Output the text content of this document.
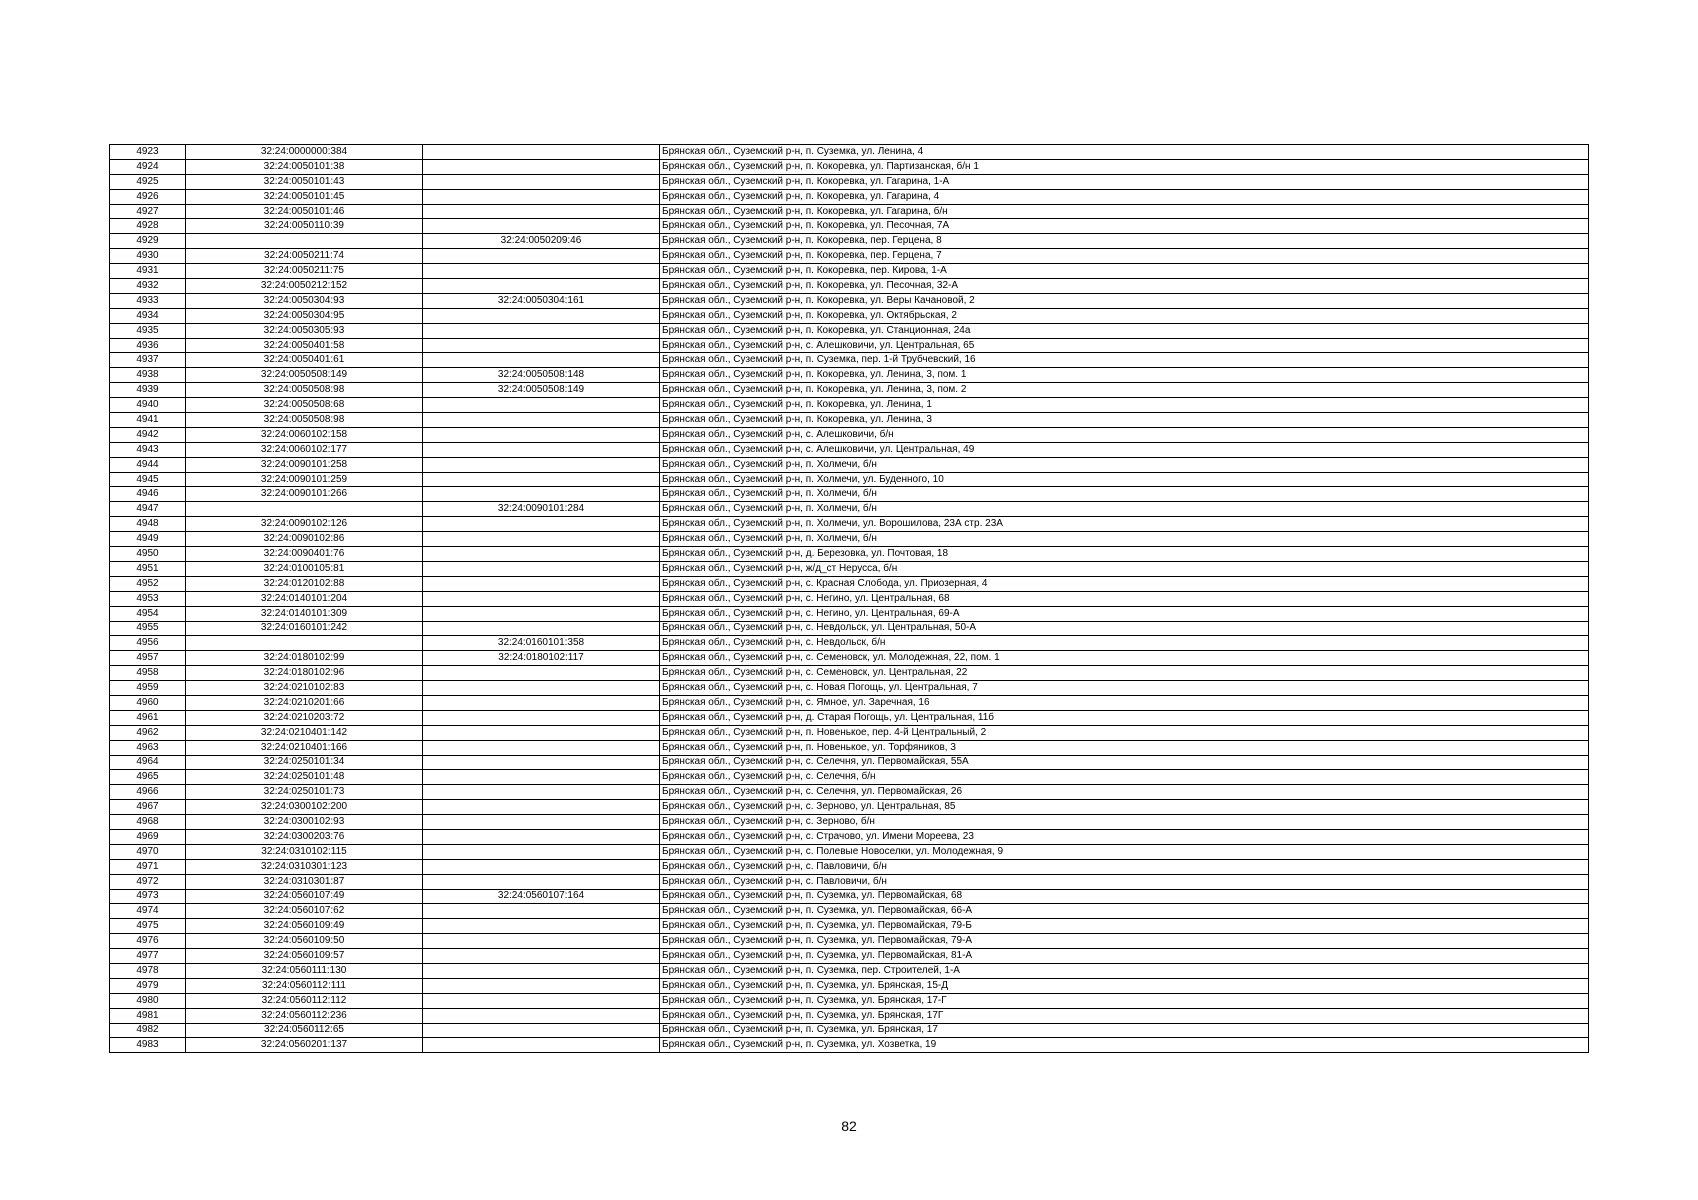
4923	32:24:0000000:384		Брянская обл., Суземский р-н, п. Суземка, ул. Ленина, 4
4924	32:24:0050101:38		Брянская обл., Суземский р-н, п. Кокоревка, ул. Партизанская, б/н 1
4925	32:24:0050101:43		Брянская обл., Суземский р-н, п. Кокоревка, ул. Гагарина, 1-А
4926	32:24:0050101:45		Брянская обл., Суземский р-н, п. Кокоревка, ул. Гагарина, 4
4927	32:24:0050101:46		Брянская обл., Суземский р-н, п. Кокоревка, ул. Гагарина, б/н
4928	32:24:0050110:39		Брянская обл., Суземский р-н, п. Кокоревка, ул. Песочная, 7А
4929		32:24:0050209:46	Брянская обл., Суземский р-н, п. Кокоревка, пер. Герцена, 8
4930	32:24:0050211:74		Брянская обл., Суземский р-н, п. Кокоревка, пер. Герцена, 7
4931	32:24:0050211:75		Брянская обл., Суземский р-н, п. Кокоревка, пер. Кирова, 1-А
4932	32:24:0050212:152		Брянская обл., Суземский р-н, п. Кокоревка, ул. Песочная, 32-А
4933	32:24:0050304:93	32:24:0050304:161	Брянская обл., Суземский р-н, п. Кокоревка, ул. Веры Качановой, 2
4934	32:24:0050304:95		Брянская обл., Суземский р-н, п. Кокоревка, ул. Октябрьская, 2
4935	32:24:0050305:93		Брянская обл., Суземский р-н, п. Кокоревка, ул. Станционная, 24а
4936	32:24:0050401:58		Брянская обл., Суземский р-н, с. Алешковичи, ул. Центральная, 65
4937	32:24:0050401:61		Брянская обл., Суземский р-н, п. Суземка, пер. 1-й Трубчевский, 16
4938	32:24:0050508:149	32:24:0050508:148	Брянская обл., Суземский р-н, п. Кокоревка, ул. Ленина, 3, пом. 1
4939	32:24:0050508:98	32:24:0050508:149	Брянская обл., Суземский р-н, п. Кокоревка, ул. Ленина, 3, пом. 2
4940	32:24:0050508:68		Брянская обл., Суземский р-н, п. Кокоревка, ул. Ленина, 1
4941	32:24:0050508:98		Брянская обл., Суземский р-н, п. Кокоревка, ул. Ленина, 3
4942	32:24:0060102:158		Брянская обл., Суземский р-н, с. Алешковичи, б/н
4943	32:24:0060102:177		Брянская обл., Суземский р-н, с. Алешковичи, ул. Центральная, 49
4944	32:24:0090101:258		Брянская обл., Суземский р-н, п. Холмечи, б/н
4945	32:24:0090101:259		Брянская обл., Суземский р-н, п. Холмечи, ул. Буденного, 10
4946	32:24:0090101:266		Брянская обл., Суземский р-н, п. Холмечи, б/н
4947		32:24:0090101:284	Брянская обл., Суземский р-н, п. Холмечи, б/н
4948	32:24:0090102:126		Брянская обл., Суземский р-н, п. Холмечи, ул. Ворошилова, 23А стр. 23А
4949	32:24:0090102:86		Брянская обл., Суземский р-н, п. Холмечи, б/н
4950	32:24:0090401:76		Брянская обл., Суземский р-н, д. Березовка, ул. Почтовая, 18
4951	32:24:0100105:81		Брянская обл., Суземский р-н, ж/д_ст Нерусса, б/н
4952	32:24:0120102:88		Брянская обл., Суземский р-н, с. Красная Слобода, ул. Приозерная, 4
4953	32:24:0140101:204		Брянская обл., Суземский р-н, с. Негино, ул. Центральная, 68
4954	32:24:0140101:309		Брянская обл., Суземский р-н, с. Негино, ул. Центральная, 69-А
4955	32:24:0160101:242		Брянская обл., Суземский р-н, с. Невдольск, ул. Центральная, 50-А
4956		32:24:0160101:358	Брянская обл., Суземский р-н, с. Невдольск, б/н
4957	32:24:0180102:99	32:24:0180102:117	Брянская обл., Суземский р-н, с. Семеновск, ул. Молодежная, 22, пом. 1
4958	32:24:0180102:96		Брянская обл., Суземский р-н, с. Семеновск, ул. Центральная, 22
4959	32:24:0210102:83		Брянская обл., Суземский р-н, с. Новая Погощь, ул. Центральная, 7
4960	32:24:0210201:66		Брянская обл., Суземский р-н, с. Ямное, ул. Заречная, 16
4961	32:24:0210203:72		Брянская обл., Суземский р-н, д. Старая Погощь, ул. Центральная, 11б
4962	32:24:0210401:142		Брянская обл., Суземский р-н, п. Новенькое, пер. 4-й Центральный, 2
4963	32:24:0210401:166		Брянская обл., Суземский р-н, п. Новенькое, ул. Торфяников, 3
4964	32:24:0250101:34		Брянская обл., Суземский р-н, с. Селечня, ул. Первомайская, 55А
4965	32:24:0250101:48		Брянская обл., Суземский р-н, с. Селечня, б/н
4966	32:24:0250101:73		Брянская обл., Суземский р-н, с. Селечня, ул. Первомайская, 26
4967	32:24:0300102:200		Брянская обл., Суземский р-н, с. Зерново, ул. Центральная, 85
4968	32:24:0300102:93		Брянская обл., Суземский р-н, с. Зерново, б/н
4969	32:24:0300203:76		Брянская обл., Суземский р-н, с. Страчово, ул. Имени Мореева, 23
4970	32:24:0310102:115		Брянская обл., Суземский р-н, с. Полевые Новоселки, ул. Молодежная, 9
4971	32:24:0310301:123		Брянская обл., Суземский р-н, с. Павловичи, б/н
4972	32:24:0310301:87		Брянская обл., Суземский р-н, с. Павловичи, б/н
4973	32:24:0560107:49	32:24:0560107:164	Брянская обл., Суземский р-н, п. Суземка, ул. Первомайская, 68
4974	32:24:0560107:62		Брянская обл., Суземский р-н, п. Суземка, ул. Первомайская, 66-А
4975	32:24:0560109:49		Брянская обл., Суземский р-н, п. Суземка, ул. Первомайская, 79-Б
4976	32:24:0560109:50		Брянская обл., Суземский р-н, п. Суземка, ул. Первомайская, 79-А
4977	32:24:0560109:57		Брянская обл., Суземский р-н, п. Суземка, ул. Первомайская, 81-А
4978	32:24:0560111:130		Брянская обл., Суземский р-н, п. Суземка, пер. Строителей, 1-А
4979	32:24:0560112:111		Брянская обл., Суземский р-н, п. Суземка, ул. Брянская, 15-Д
4980	32:24:0560112:112		Брянская обл., Суземский р-н, п. Суземка, ул. Брянская, 17-Г
4981	32:24:0560112:236		Брянская обл., Суземский р-н, п. Суземка, ул. Брянская, 17Г
4982	32:24:0560112:65		Брянская обл., Суземский р-н, п. Суземка, ул. Брянская, 17
4983	32:24:0560201:137		Брянская обл., Суземский р-н, п. Суземка, ул. Хозветка, 19
82
